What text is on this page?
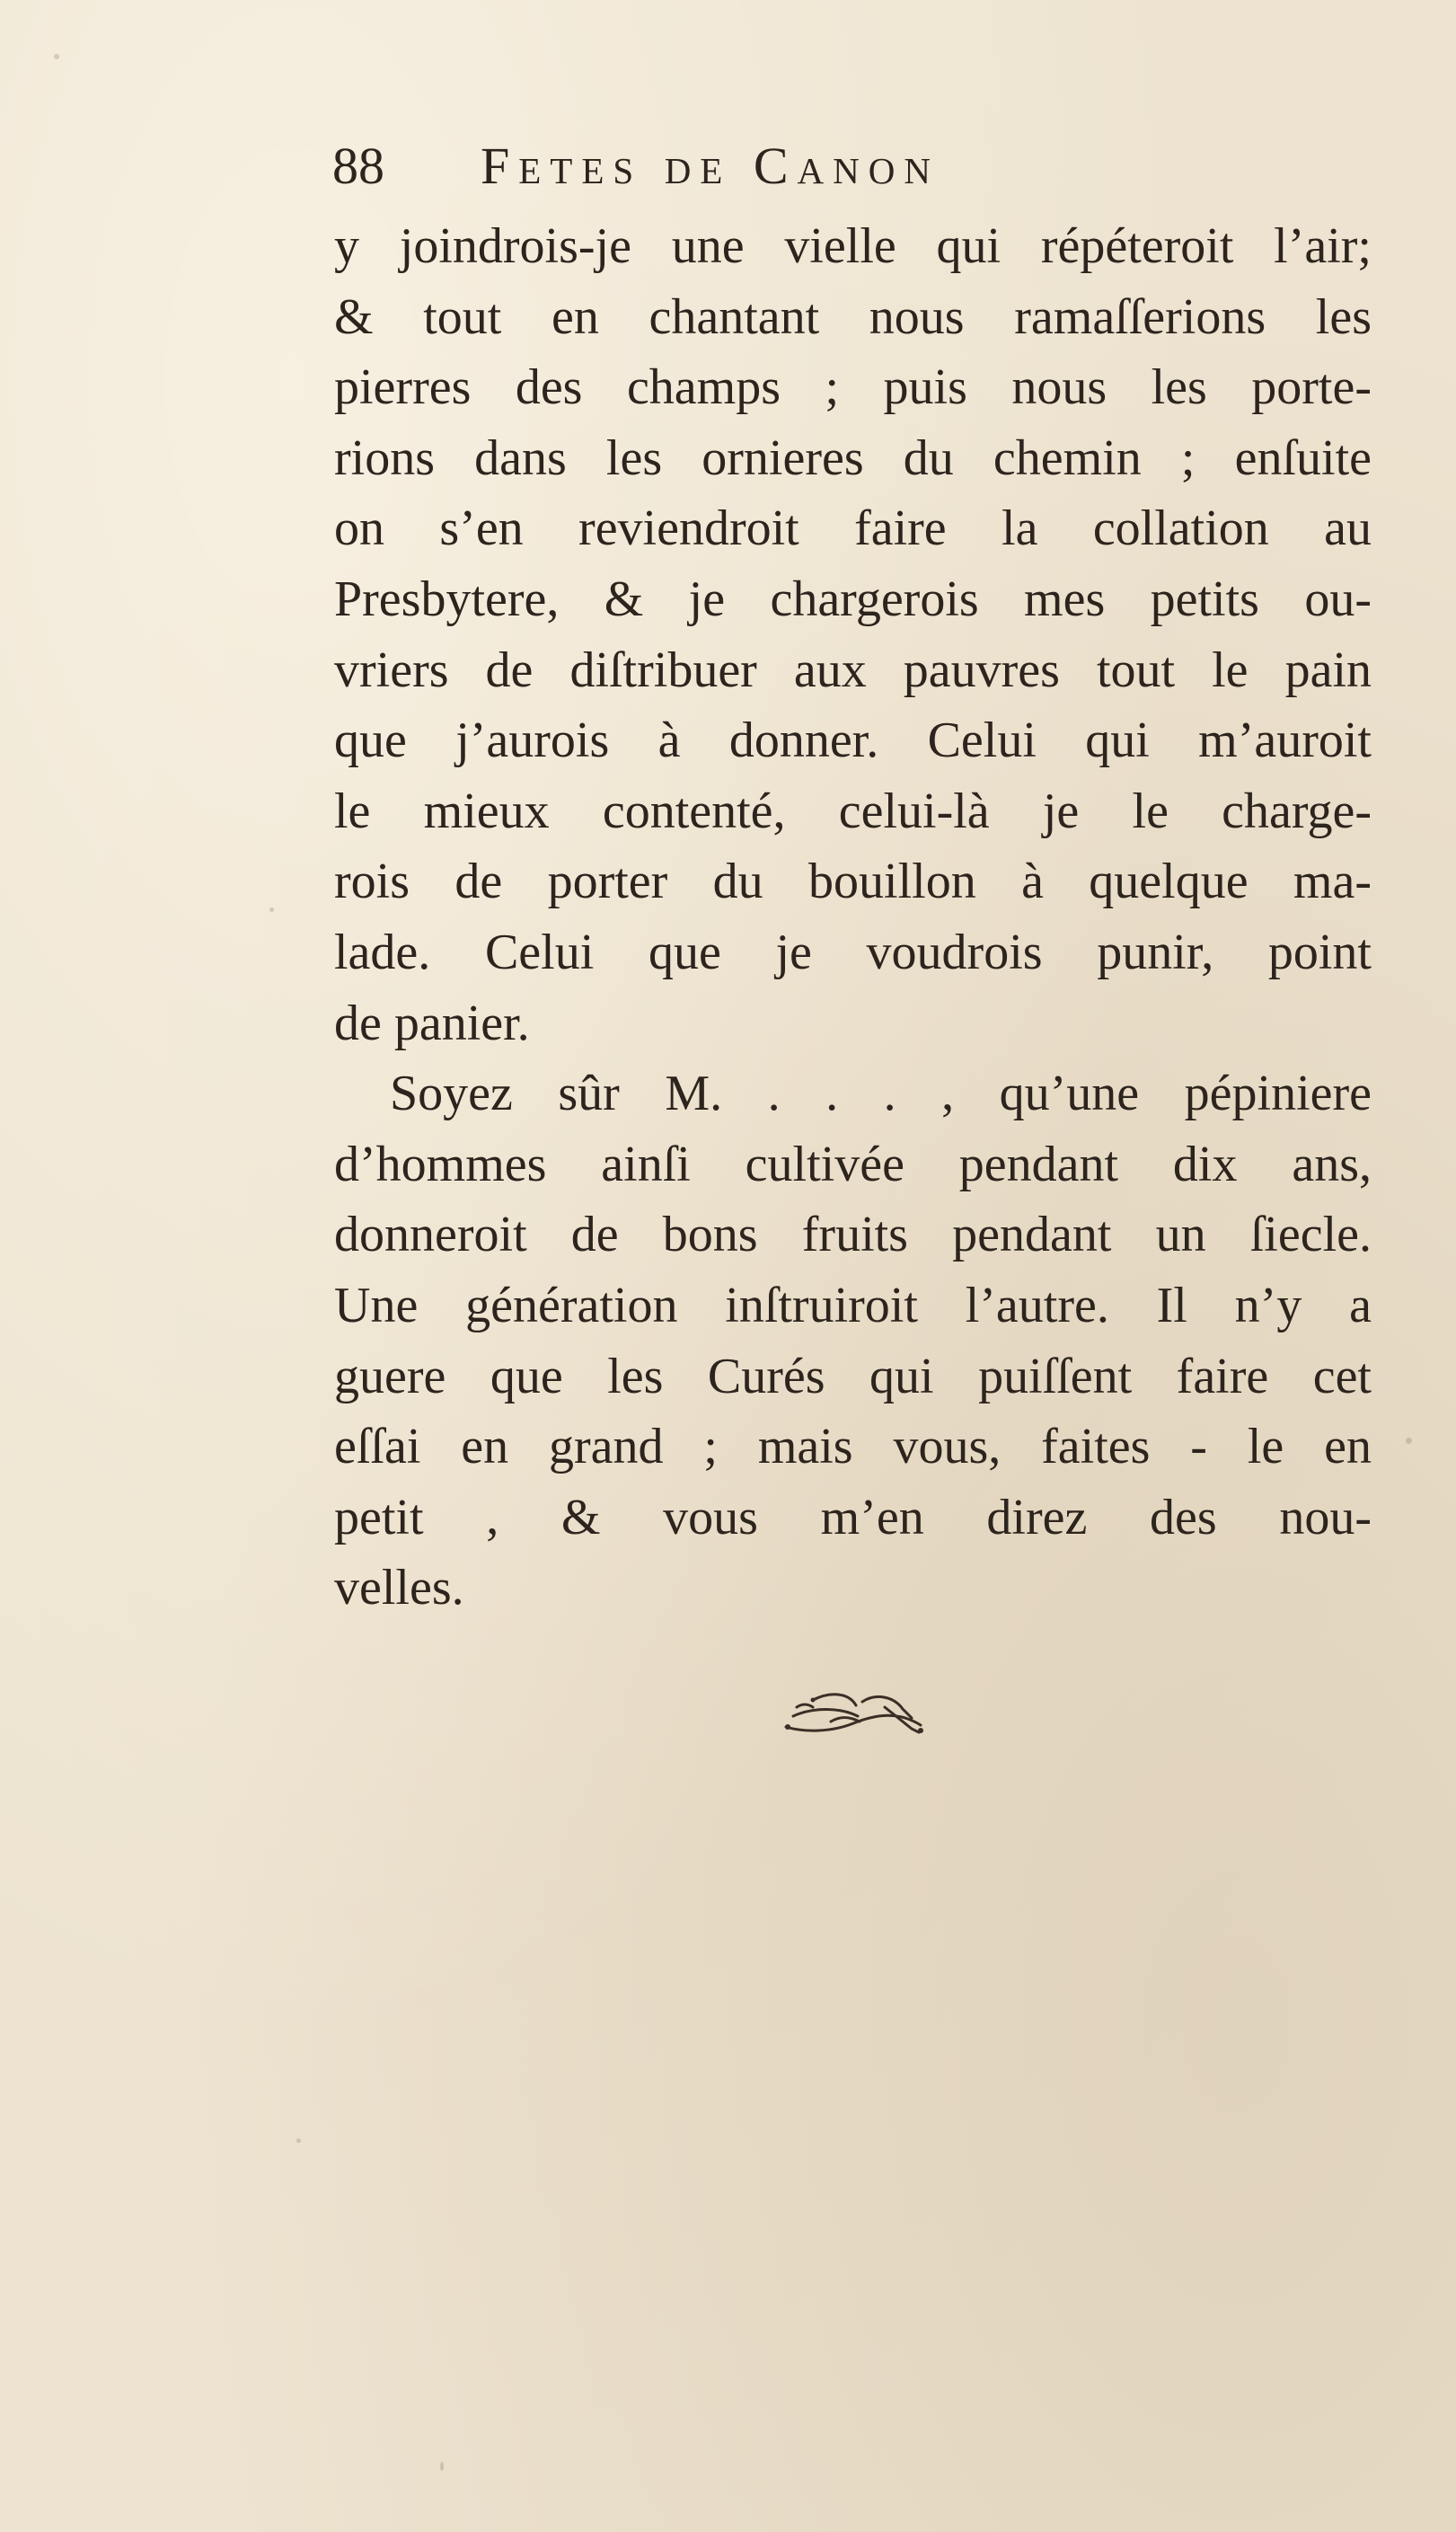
88 Fetes de Canon
y joindrois-je une vielle qui répéteroit l’air;
& tout en chantant nous ramaſſerions les
pierres des champs ; puis nous les porte-
rions dans les ornieres du chemin ; enſuite
on s’en reviendroit faire la collation au
Presbytere, & je chargerois mes petits ou-
vriers de diſtribuer aux pauvres tout le pain
que j’aurois à donner. Celui qui m’auroit
le mieux contenté, celui-là je le charge-
rois de porter du bouillon à quelque ma-
lade. Celui que je voudrois punir, point
de panier.
Soyez sûr M. . . . , qu’une pépiniere
d’hommes ainſi cultivée pendant dix ans,
donneroit de bons fruits pendant un ſiecle.
Une génération inſtruiroit l’autre. Il n’y a
guere que les Curés qui puiſſent faire cet
eſſai en grand ; mais vous, faites - le en
petit , & vous m’en direz des nou-
velles.
